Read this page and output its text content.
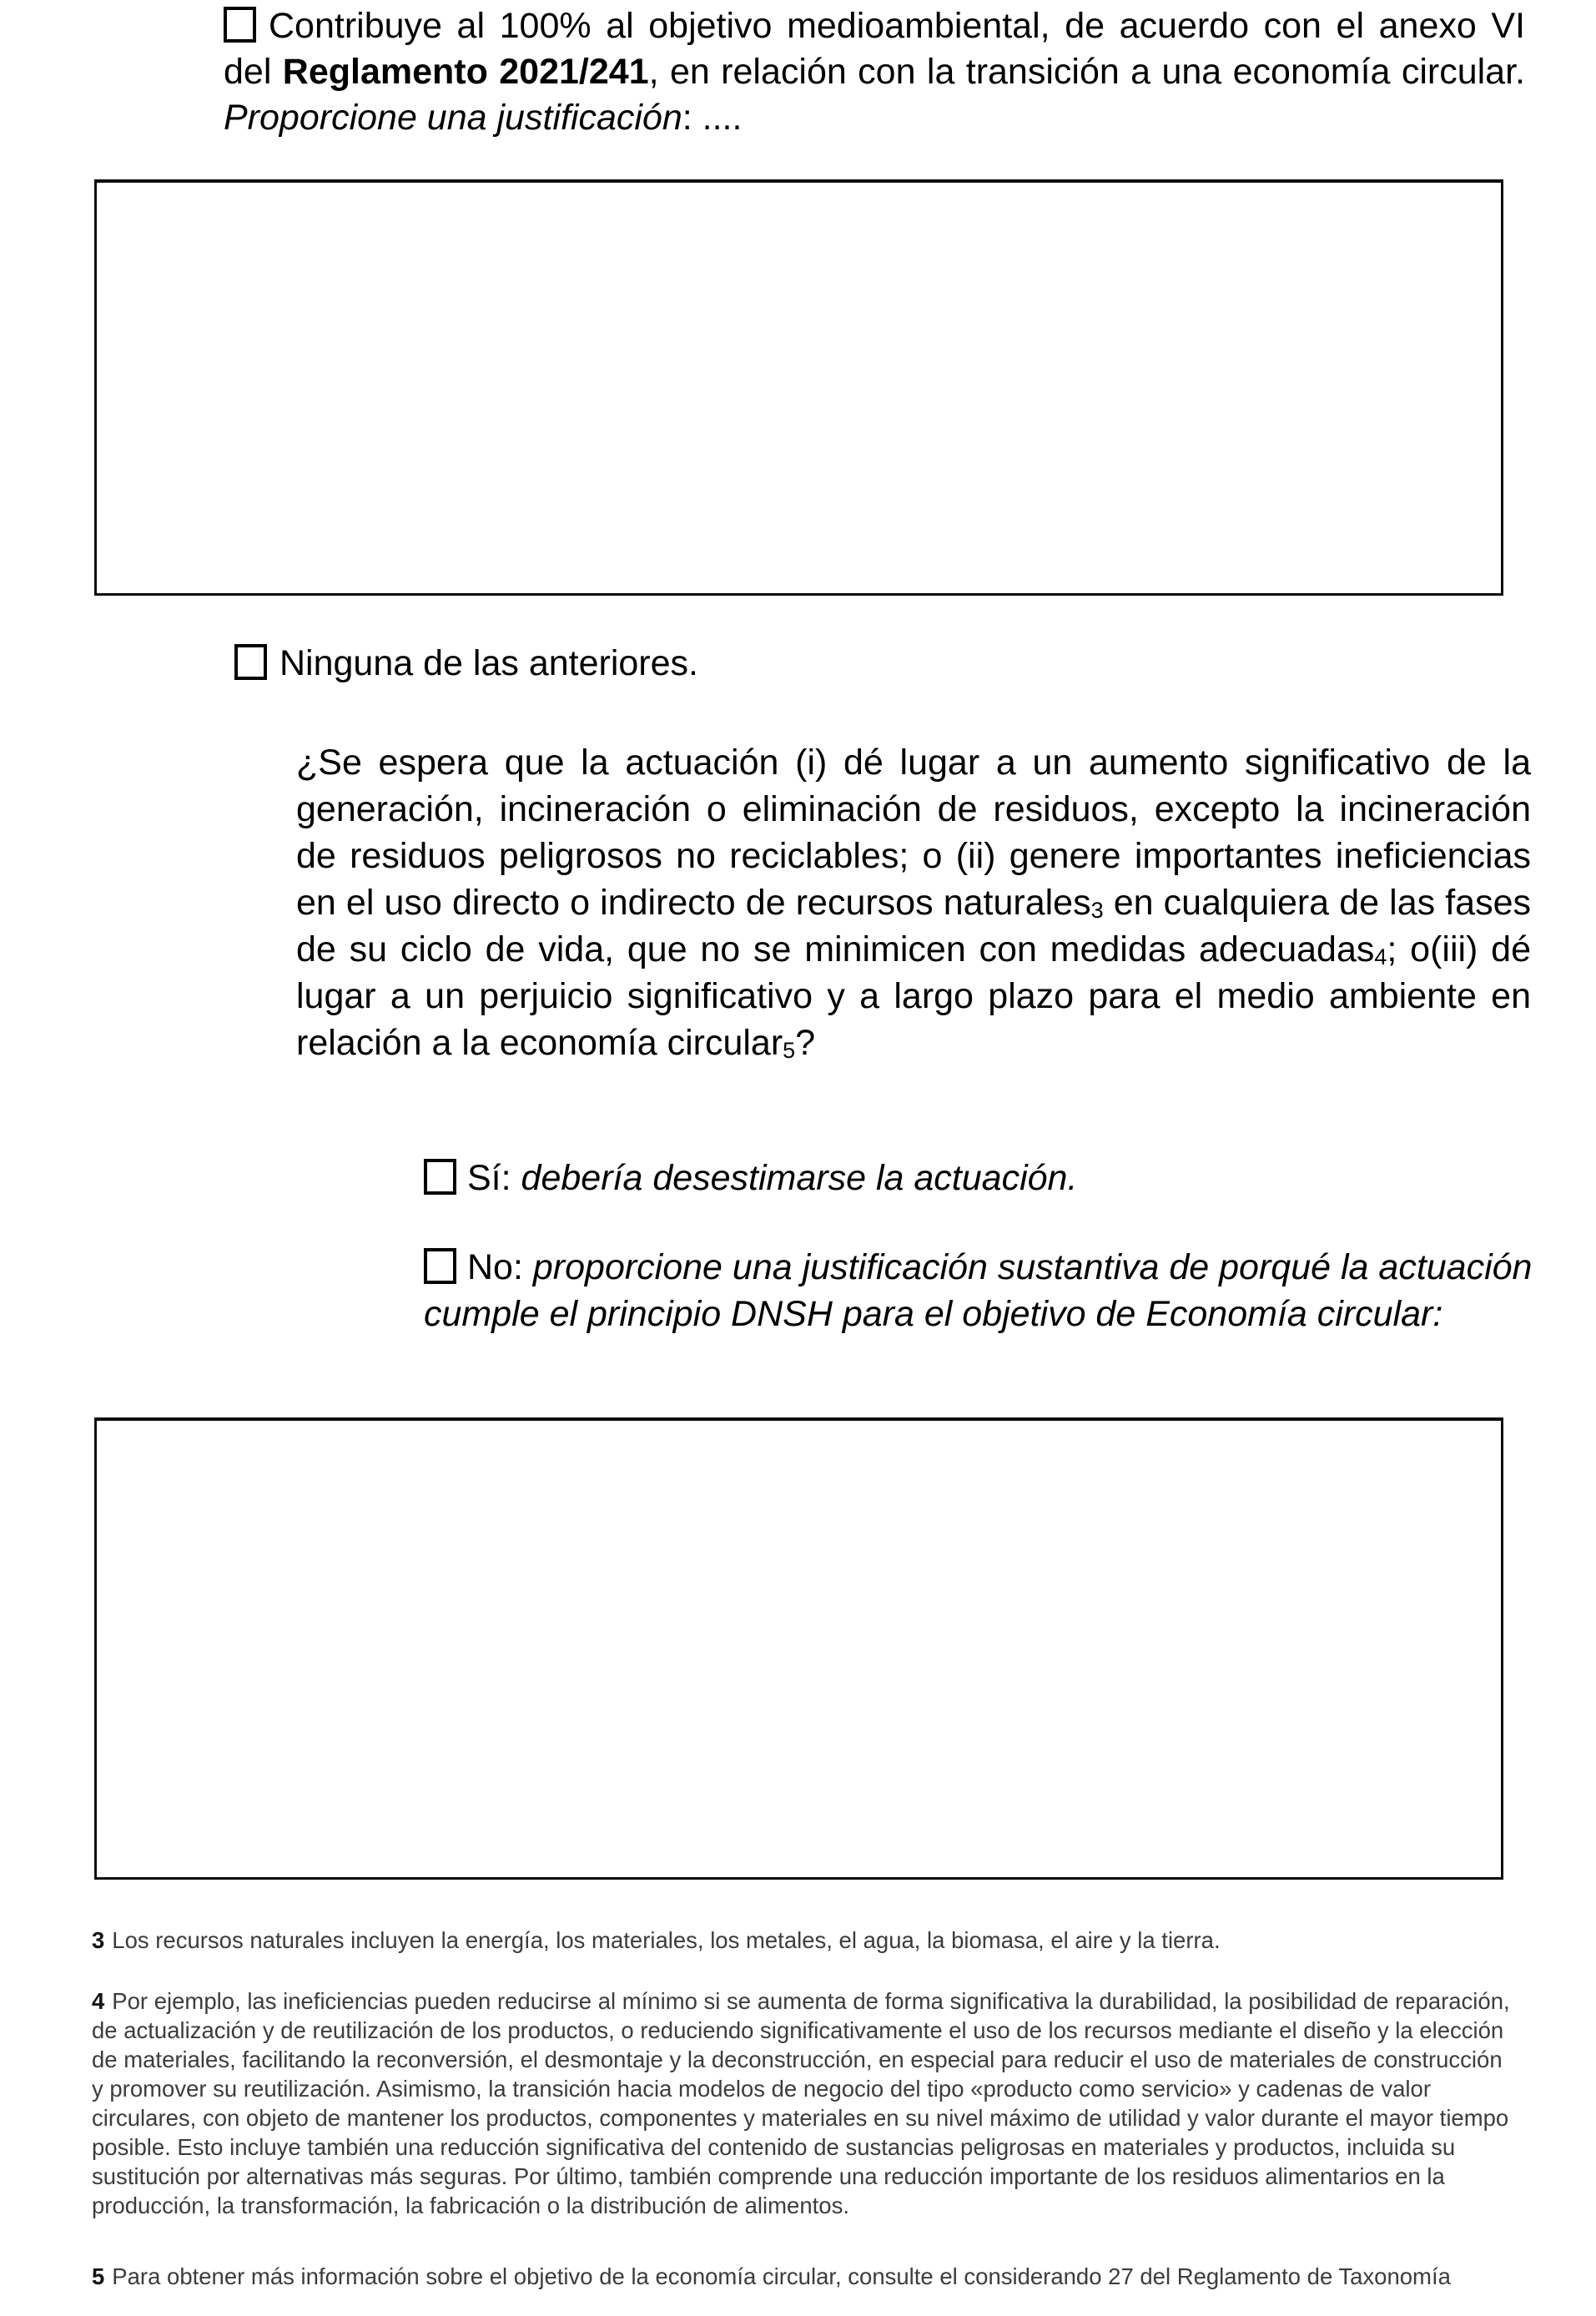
Contribuye al 100% al objetivo medioambiental, de acuerdo con el anexo VI del Reglamento 2021/241, en relación con la transición a una economía circular. Proporcione una justificación: ....
Ninguna de las anteriores.
¿Se espera que la actuación (i) dé lugar a un aumento significativo de la generación, incineración o eliminación de residuos, excepto la incineración de residuos peligrosos no reciclables; o (ii) genere importantes ineficiencias en el uso directo o indirecto de recursos naturales$_3$ en cualquiera de las fases de su ciclo de vida, que no se minimicen con medidas adecuadas$_4$; o(iii) dé lugar a un perjuicio significativo y a largo plazo para el medio ambiente en relación a la economía circular$_5$?
Sí: debería desestimarse la actuación.
No: proporcione una justificación sustantiva de porqué la actuación cumple el principio DNSH para el objetivo de Economía circular:
3 Los recursos naturales incluyen la energía, los materiales, los metales, el agua, la biomasa, el aire y la tierra.
4 Por ejemplo, las ineficiencias pueden reducirse al mínimo si se aumenta de forma significativa la durabilidad, la posibilidad de reparación, de actualización y de reutilización de los productos, o reduciendo significativamente el uso de los recursos mediante el diseño y la elección de materiales, facilitando la reconversión, el desmontaje y la deconstrucción, en especial para reducir el uso de materiales de construcción y promover su reutilización. Asimismo, la transición hacia modelos de negocio del tipo «producto como servicio» y cadenas de valor circulares, con objeto de mantener los productos, componentes y materiales en su nivel máximo de utilidad y valor durante el mayor tiempo posible. Esto incluye también una reducción significativa del contenido de sustancias peligrosas en materiales y productos, incluida su sustitución por alternativas más seguras. Por último, también comprende una reducción importante de los residuos alimentarios en la producción, la transformación, la fabricación o la distribución de alimentos.
5 Para obtener más información sobre el objetivo de la economía circular, consulte el considerando 27 del Reglamento de Taxonomía
